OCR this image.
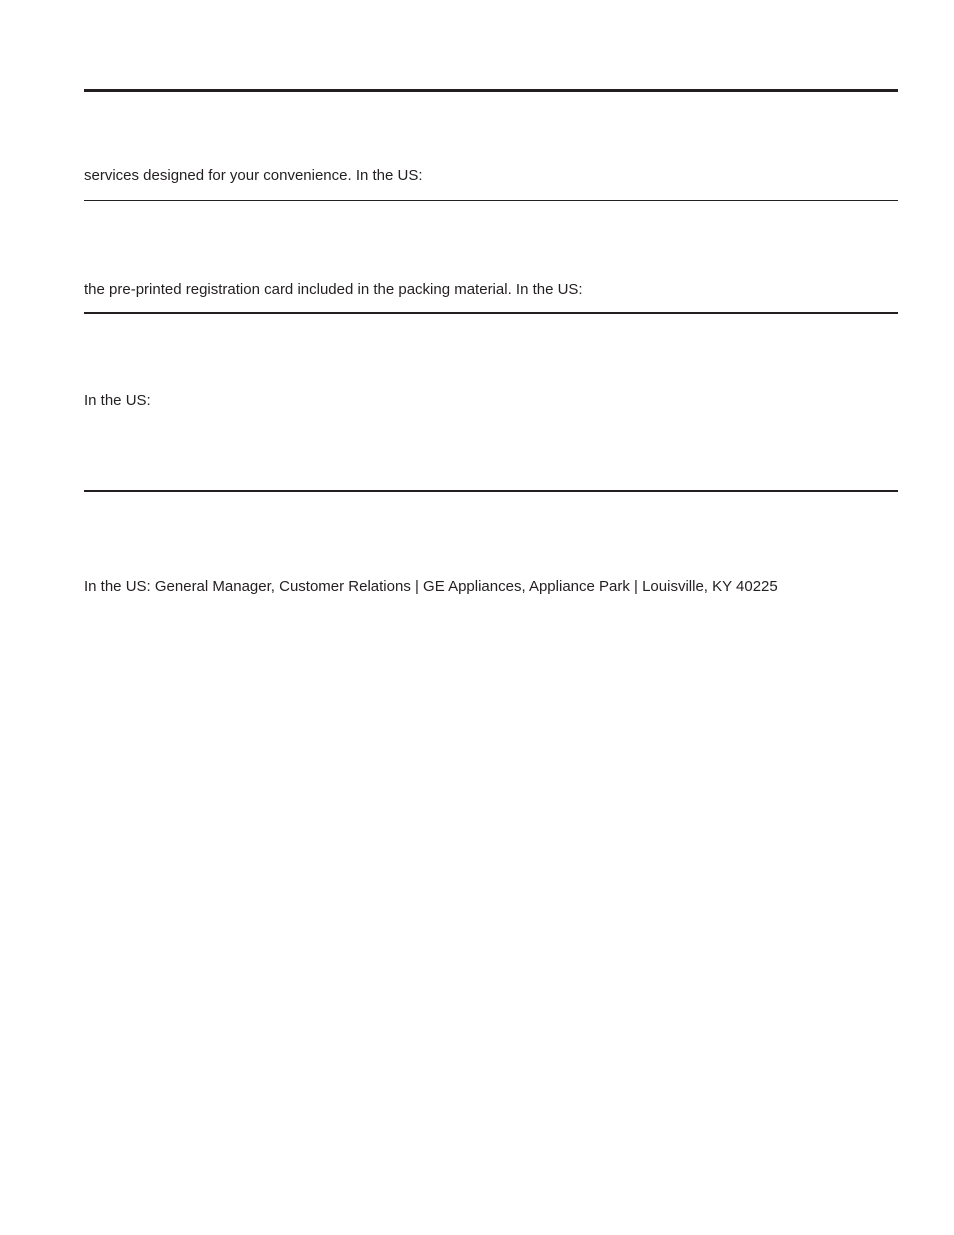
services designed for your convenience. In the US:
the pre-printed registration card included in the packing material. In the US:
In the US:
In the US: General Manager, Customer Relations | GE Appliances, Appliance Park | Louisville, KY 40225
